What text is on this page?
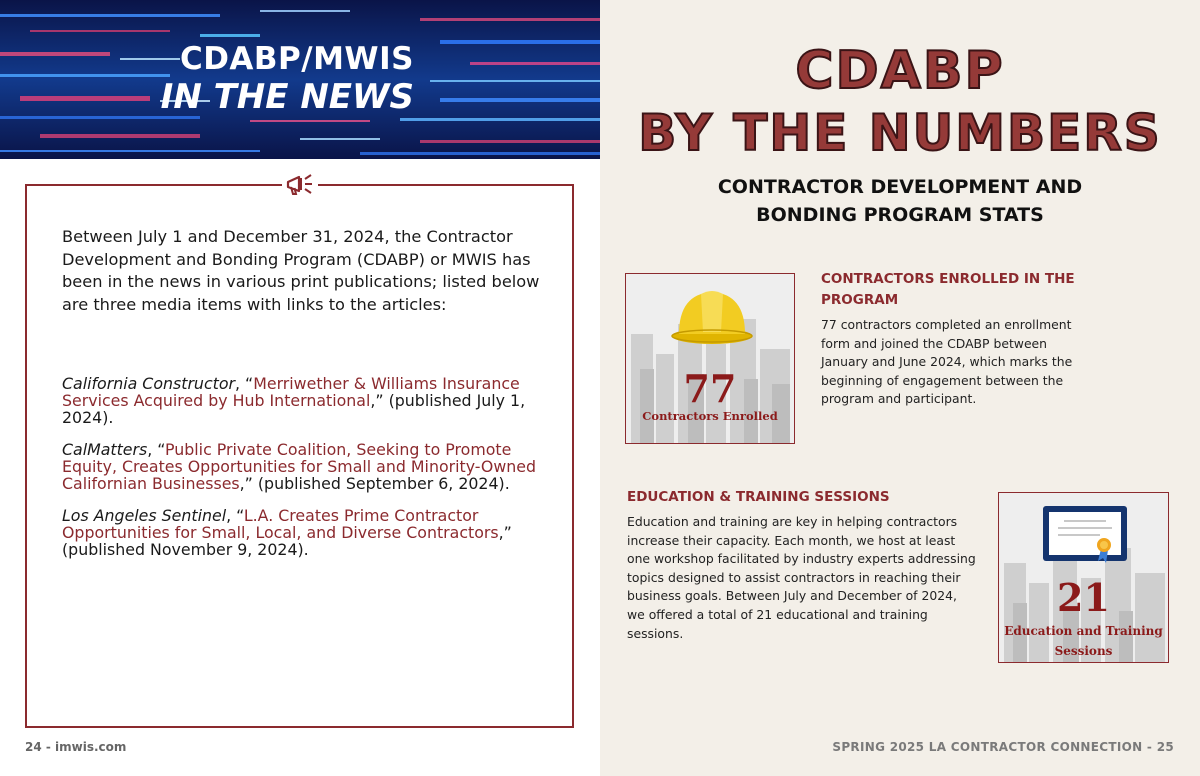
CDABP/MWIS
IN THE NEWS

Between July 1 and December 31, 2024, the Contractor Development and Bonding Program (CDABP) or MWIS has been in the news in various print publications; listed below are three media items with links to the articles:

California Constructor, “Merriwether & Williams Insurance Services Acquired by Hub International,” (published July 1, 2024).

CalMatters, “Public Private Coalition, Seeking to Promote Equity, Creates Opportunities for Small and Minority-Owned Californian Businesses,” (published September 6, 2024).

Los Angeles Sentinel, “L.A. Creates Prime Contractor Opportunities for Small, Local, and Diverse Contractors,” (published November 9, 2024).

24 - imwis.com
CDABP
BY THE NUMBERS
CONTRACTOR DEVELOPMENT AND
BONDING PROGRAM STATS
77
Contractors Enrolled
CONTRACTORS ENROLLED IN THE PROGRAM

77 contractors completed an enrollment form and joined the CDABP between January and June 2024, which marks the beginning of engagement between the program and participant.

EDUCATION & TRAINING SESSIONS

Education and training are key in helping contractors increase their capacity. Each month, we host at least one workshop facilitated by industry experts addressing topics designed to assist contractors in reaching their business goals. Between July and December of 2024, we offered a total of 21 educational and training sessions.

21
Education and Training
Sessions
SPRING 2025 LA CONTRACTOR CONNECTION - 25
